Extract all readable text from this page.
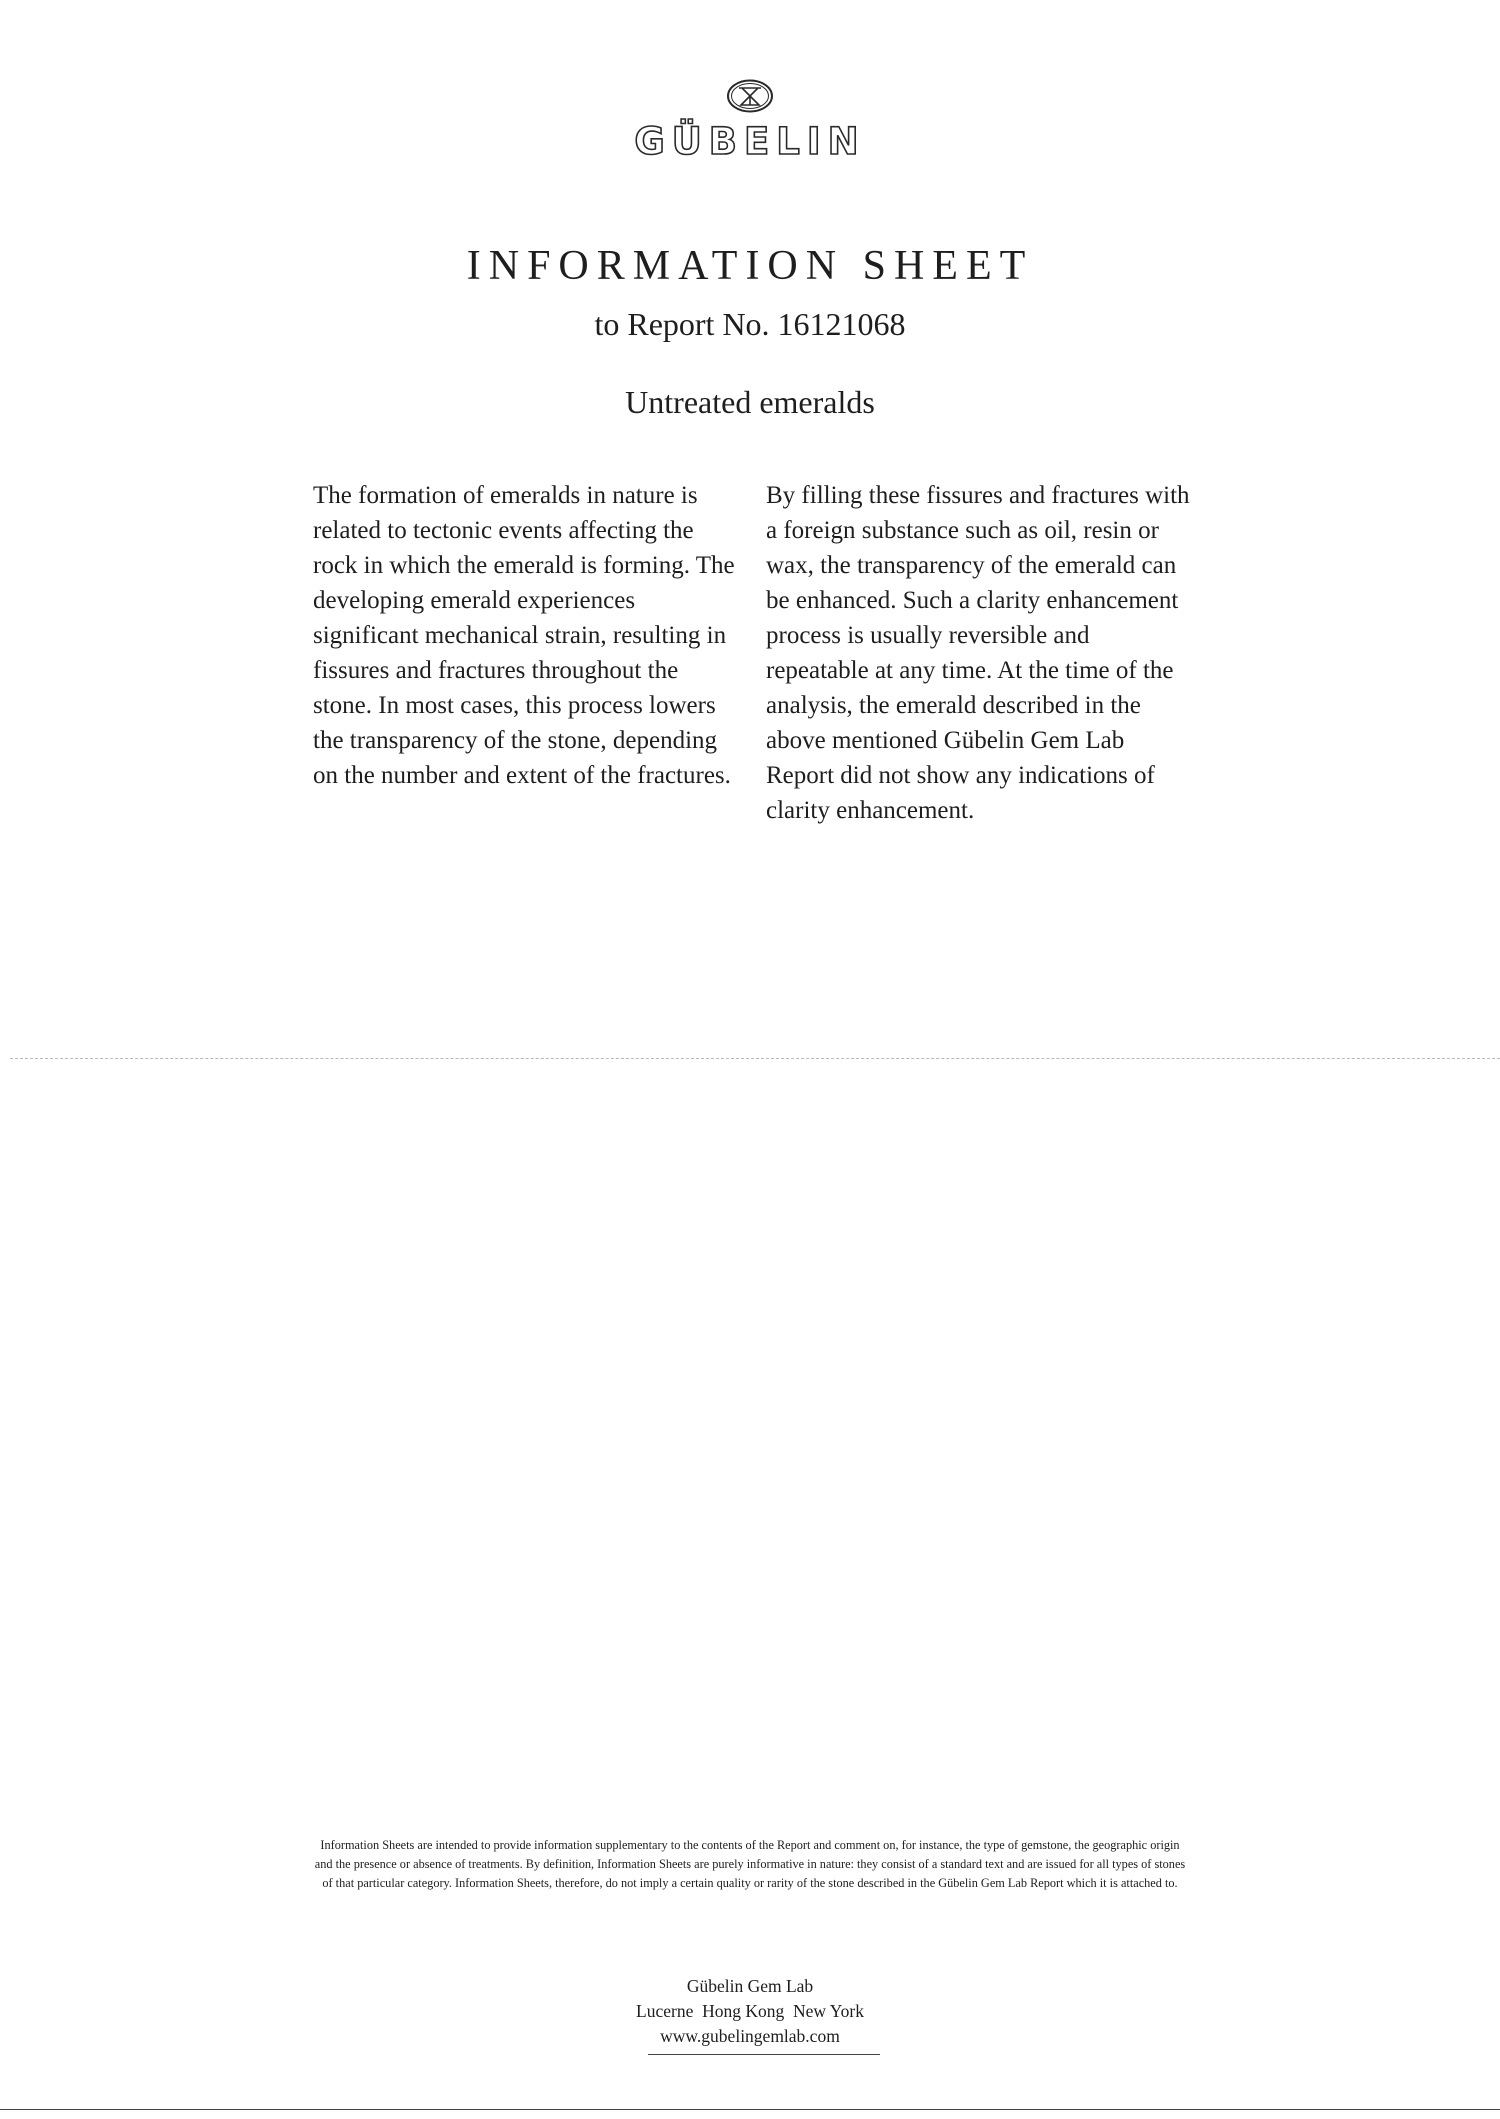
GÜBELIN
INFORMATION SHEET
to Report No. 16121068
Untreated emeralds
The formation of emeralds in nature is related to tectonic events affecting the rock in which the emerald is forming. The developing emerald experiences significant mechanical strain, resulting in fissures and fractures throughout the stone. In most cases, this process lowers the transparency of the stone, depending on the number and extent of the fractures.
By filling these fissures and fractures with a foreign substance such as oil, resin or wax, the transparency of the emerald can be enhanced. Such a clarity enhancement process is usually reversible and repeatable at any time. At the time of the analysis, the emerald described in the above mentioned Gübelin Gem Lab Report did not show any indications of clarity enhancement.
Information Sheets are intended to provide information supplementary to the contents of the Report and comment on, for instance, the type of gemstone, the geographic origin and the presence or absence of treatments. By definition, Information Sheets are purely informative in nature: they consist of a standard text and are issued for all types of stones of that particular category. Information Sheets, therefore, do not imply a certain quality or rarity of the stone described in the Gübelin Gem Lab Report which it is attached to.
Gübelin Gem Lab
Lucerne  Hong Kong  New York
www.gubelingemlab.com
